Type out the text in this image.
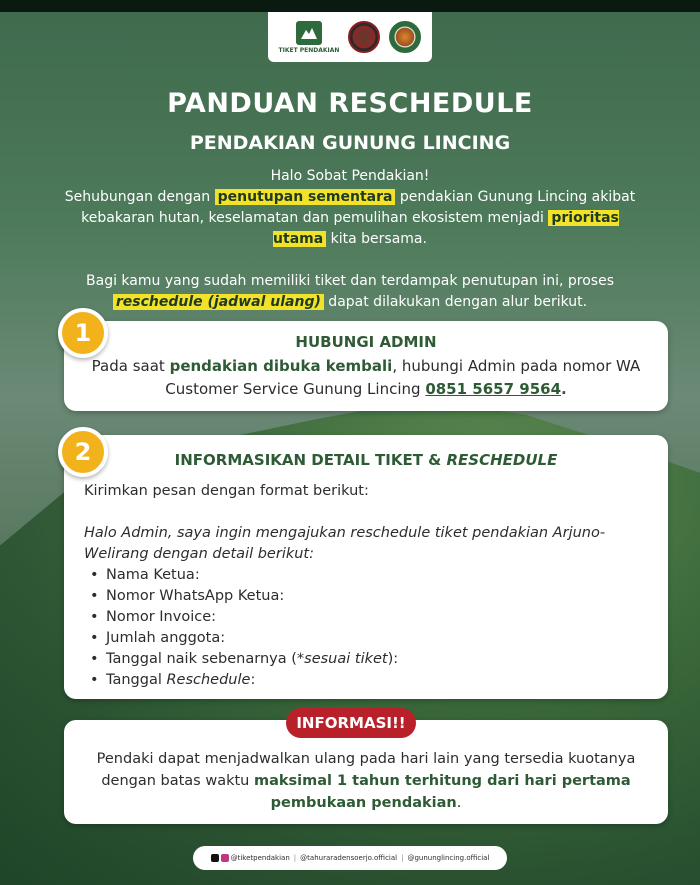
TIKET PENDAKIAN
PANDUAN RESCHEDULE
PENDAKIAN GUNUNG LINCING

Halo Sobat Pendakian!
Sehubungan dengan penutupan sementara pendakian Gunung Lincing akibat kebakaran hutan, keselamatan dan pemulihan ekosistem menjadi prioritas utama kita bersama.

Bagi kamu yang sudah memiliki tiket dan terdampak penutupan ini, proses reschedule (jadwal ulang) dapat dilakukan dengan alur berikut.

HUBUNGI ADMIN
Pada saat pendakian dibuka kembali, hubungi Admin pada nomor WA Customer Service Gunung Lincing 0851 5657 9564.
1
INFORMASIKAN DETAIL TIKET & RESCHEDULE
Kirimkan pesan dengan format berikut:
Halo Admin, saya ingin mengajukan reschedule tiket pendakian Arjuno-Welirang dengan detail berikut:
• Nama Ketua:
• Nomor WhatsApp Ketua:
• Nomor Invoice:
• Jumlah anggota:
• Tanggal naik sebenarnya (*sesuai tiket):
• Tanggal Reschedule:
2
Pendaki dapat menjadwalkan ulang pada hari lain yang tersedia kuotanya dengan batas waktu maksimal 1 tahun terhitung dari hari pertama pembukaan pendakian.
INFORMASI!!
@tiketpendakian | @tahuraradensoerjo.official | @gununglincing.official
